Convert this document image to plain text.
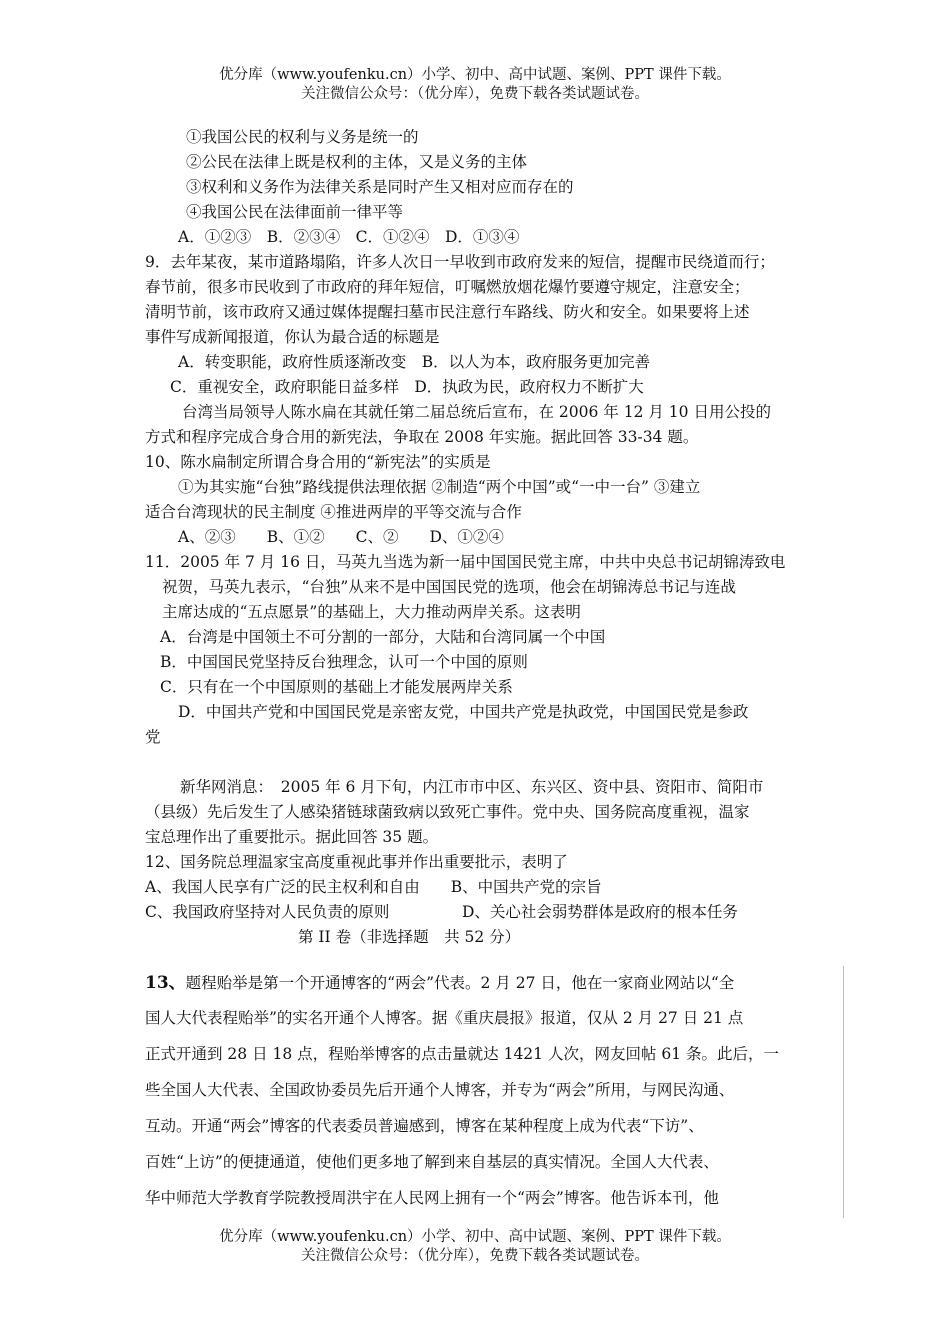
优分库（www.youfenku.cn）小学、初中、高中试题、案例、PPT 课件下载。
关注微信公众号：（优分库），免费下载各类试题试卷。
①我国公民的权利与义务是统一的
②公民在法律上既是权利的主体，又是义务的主体
③权利和义务作为法律关系是同时产生又相对应而存在的
④我国公民在法律面前一律平等
A．①②③　B．②③④　C．①②④　D．①③④
9．去年某夜，某市道路塌陷，许多人次日一早收到市政府发来的短信，提醒市民绕道而行；
春节前，很多市民收到了市政府的拜年短信，叮嘱燃放烟花爆竹要遵守规定，注意安全；
清明节前，该市政府又通过媒体提醒扫墓市民注意行车路线、防火和安全。如果要将上述
事件写成新闻报道，你认为最合适的标题是
A．转变职能，政府性质逐渐改变　B．以人为本，政府服务更加完善
C．重视安全，政府职能日益多样　D．执政为民，政府权力不断扩大
台湾当局领导人陈水扁在其就任第二届总统后宣布，在 2006 年 12 月 10 日用公投的
方式和程序完成合身合用的新宪法，争取在 2008 年实施。据此回答 33-34 题。
10、陈水扁制定所谓合身合用的“新宪法”的实质是
①为其实施“台独”路线提供法理依据 ②制造“两个中国”或“一中一台” ③建立
适合台湾现状的民主制度 ④推进两岸的平等交流与合作
A、②③　　B、①②　　C、②　　D、①②④
11．2005 年 7 月 16 日，马英九当选为新一届中国国民党主席，中共中央总书记胡锦涛致电
祝贺，马英九表示，“台独”从来不是中国国民党的选项，他会在胡锦涛总书记与连战
主席达成的“五点愿景”的基础上，大力推动两岸关系。这表明
A．台湾是中国领土不可分割的一部分，大陆和台湾同属一个中国
B．中国国民党坚持反台独理念，认可一个中国的原则
C．只有在一个中国原则的基础上才能发展两岸关系
D．中国共产党和中国国民党是亲密友党，中国共产党是执政党，中国国民党是参政
党
新华网消息：　2005 年 6 月下旬，内江市市中区、东兴区、资中县、资阳市、简阳市
（县级）先后发生了人感染猪链球菌致病以致死亡事件。党中央、国务院高度重视，温家
宝总理作出了重要批示。据此回答 35 题。
12、国务院总理温家宝高度重视此事并作出重要批示，表明了
A、我国人民享有广泛的民主权利和自由　　B、中国共产党的宗旨
C、我国政府坚持对人民负责的原则	D、关心社会弱势群体是政府的根本任务
第 II 卷（非选择题　共 52 分）
13、题程贻举是第一个开通博客的“两会”代表。2 月 27 日，他在一家商业网站以“全
国人大代表程贻举”的实名开通个人博客。据《重庆晨报》报道，仅从 2 月 27 日 21 点
正式开通到 28 日 18 点，程贻举博客的点击量就达 1421 人次，网友回帖 61 条。此后，一
些全国人大代表、全国政协委员先后开通个人博客，并专为“两会”所用，与网民沟通、
互动。开通“两会”博客的代表委员普遍感到，博客在某种程度上成为代表“下访”、
百姓“上访”的便捷通道，使他们更多地了解到来自基层的真实情况。全国人大代表、
华中师范大学教育学院教授周洪宇在人民网上拥有一个“两会”博客。他告诉本刊，他
优分库（www.youfenku.cn）小学、初中、高中试题、案例、PPT 课件下载。
关注微信公众号：（优分库），免费下载各类试题试卷。
